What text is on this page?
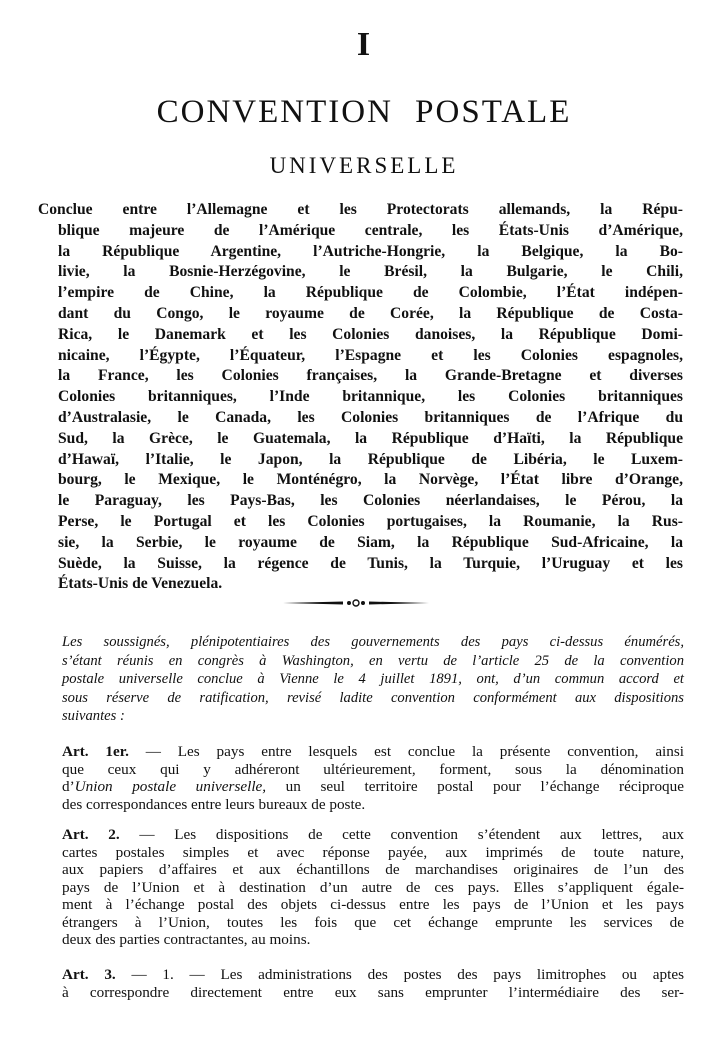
I
CONVENTION POSTALE
UNIVERSELLE
Conclue entre l’Allemagne et les Protectorats allemands, la Répu-
blique majeure de l’Amérique centrale, les États-Unis d’Amérique,
la République Argentine, l’Autriche-Hongrie, la Belgique, la Bo-
livie, la Bosnie-Herzégovine, le Brésil, la Bulgarie, le Chili,
l’empire de Chine, la République de Colombie, l’État indépen-
dant du Congo, le royaume de Corée, la République de Costa-
Rica, le Danemark et les Colonies danoises, la République Domi-
nicaine, l’Égypte, l’Équateur, l’Espagne et les Colonies espagnoles,
la France, les Colonies françaises, la Grande-Bretagne et diverses
Colonies britanniques, l’Inde britannique, les Colonies britanniques
d’Australasie, le Canada, les Colonies britanniques de l’Afrique du
Sud, la Grèce, le Guatemala, la République d’Haïti, la République
d’Hawaï, l’Italie, le Japon, la République de Libéria, le Luxem-
bourg, le Mexique, le Monténégro, la Norvège, l’État libre d’Orange,
le Paraguay, les Pays-Bas, les Colonies néerlandaises, le Pérou, la
Perse, le Portugal et les Colonies portugaises, la Roumanie, la Rus-
sie, la Serbie, le royaume de Siam, la République Sud-Africaine, la
Suède, la Suisse, la régence de Tunis, la Turquie, l’Uruguay et les
États-Unis de Venezuela.
Les soussignés, plénipotentiaires des gouvernements des pays ci-dessus énumérés,
s’étant réunis en congrès à Washington, en vertu de l’article 25 de la convention
postale universelle conclue à Vienne le 4 juillet 1891, ont, d’un commun accord et
sous réserve de ratification, revisé ladite convention conformément aux dispositions
suivantes :
Art. 1er. — Les pays entre lesquels est conclue la présente convention, ainsi
que ceux qui y adhéreront ultérieurement, forment, sous la dénomination
d’Union postale universelle, un seul territoire postal pour l’échange réciproque
des correspondances entre leurs bureaux de poste.
Art. 2. — Les dispositions de cette convention s’étendent aux lettres, aux
cartes postales simples et avec réponse payée, aux imprimés de toute nature,
aux papiers d’affaires et aux échantillons de marchandises originaires de l’un des
pays de l’Union et à destination d’un autre de ces pays. Elles s’appliquent égale-
ment à l’échange postal des objets ci-dessus entre les pays de l’Union et les pays
étrangers à l’Union, toutes les fois que cet échange emprunte les services de
deux des parties contractantes, au moins.
Art. 3. — 1. — Les administrations des postes des pays limitrophes ou aptes
à correspondre directement entre eux sans emprunter l’intermédiaire des ser-
